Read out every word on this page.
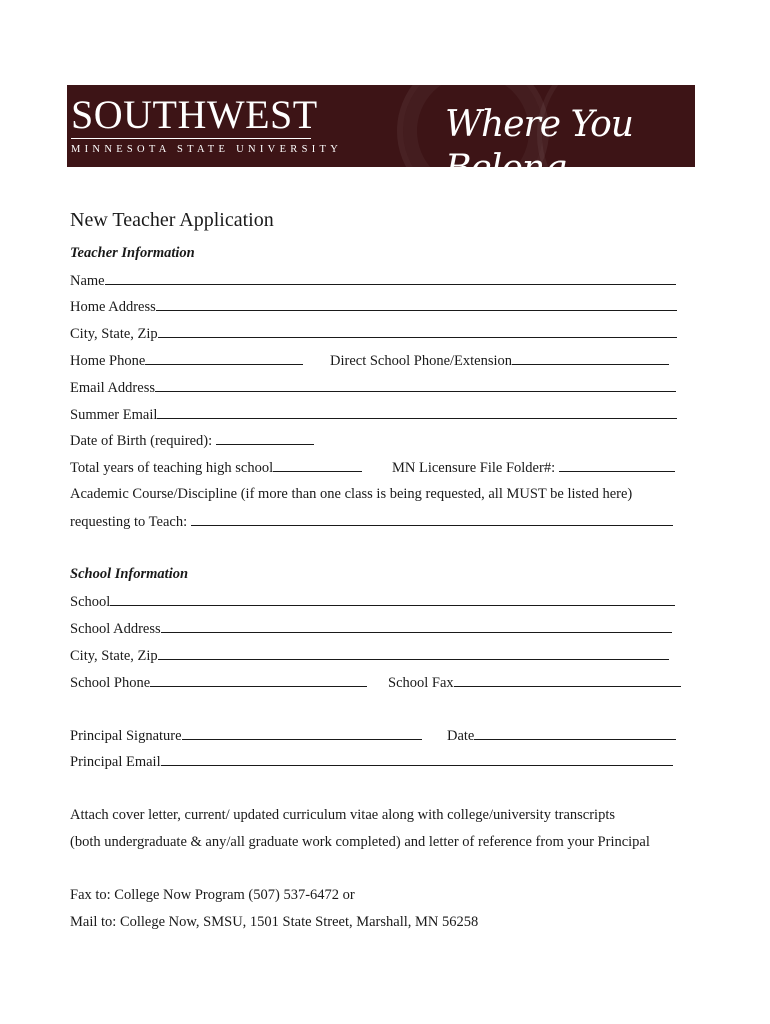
SOUTHWEST
MINNESOTA STATE UNIVERSITY
Where You Belong
New Teacher Application
Teacher Information
Name
Home Address
City, State, Zip
Home Phone	Direct School Phone/Extension
Email Address
Summer Email
Date of Birth (required):
Total years of teaching high school	MN Licensure File Folder#:
Academic Course/Discipline (if more than one class is being requested, all MUST be listed here)
requesting to Teach:
School Information
School
School Address
City, State, Zip
School Phone	School Fax
Principal Signature	Date
Principal Email
Attach cover letter, current/ updated curriculum vitae along with college/university transcripts
(both undergraduate & any/all graduate work completed) and letter of reference from your Principal
Fax to: College Now Program (507) 537-6472 or
Mail to: College Now, SMSU, 1501 State Street, Marshall, MN 56258
